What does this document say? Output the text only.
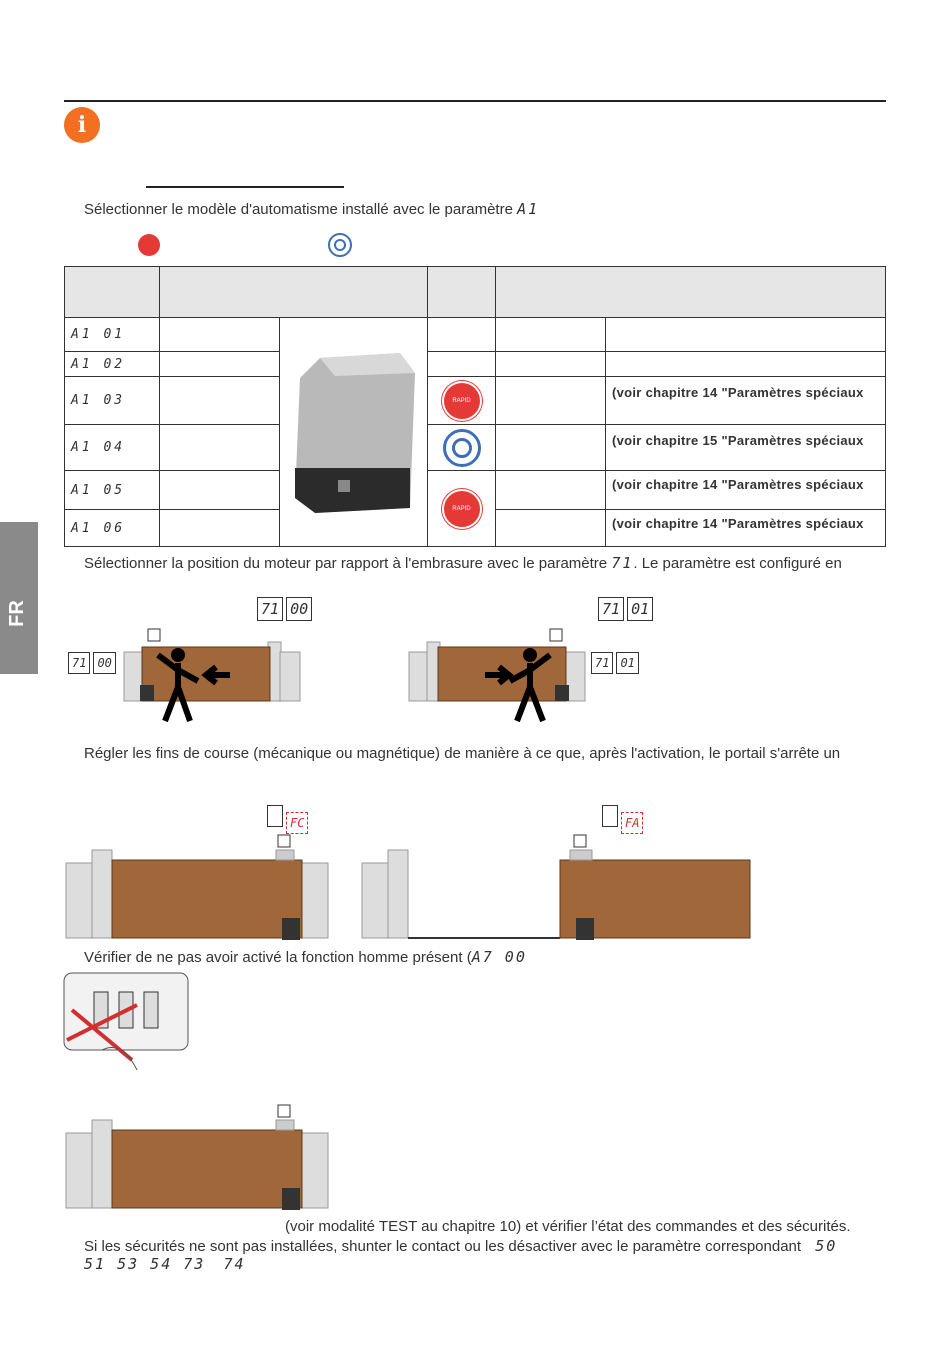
i
FR
Sélectionner le modèle d'automatisme installé avec le paramètre A1

A1 01					
A1 02					
A1 03			RAPID		(voir chapitre 14 "Paramètres spéciaux
A1 04					(voir chapitre 15 "Paramètres spéciaux
A1 05			RAPID		(voir chapitre 14 "Paramètres spéciaux
A1 06					(voir chapitre 14 "Paramètres spéciaux
Sélectionner la position du moteur par rapport à l'embrasure avec le paramètre 71. Le paramètre est configuré en
71 00	71 01
71 00	71 01
Régler les fins de course (mécanique ou magnétique) de manière à ce que, après l'activation, le portail s'arrête un
FC	FA
Vérifier de ne pas avoir activé la fonction homme présent (A7 00
(voir modalité TEST au chapitre 10) et vérifier l’état des commandes et des sécurités.
Si les sécurités ne sont pas installées, shunter le contact ou les désactiver avec le paramètre correspondant 50
51 53 54 73 74
